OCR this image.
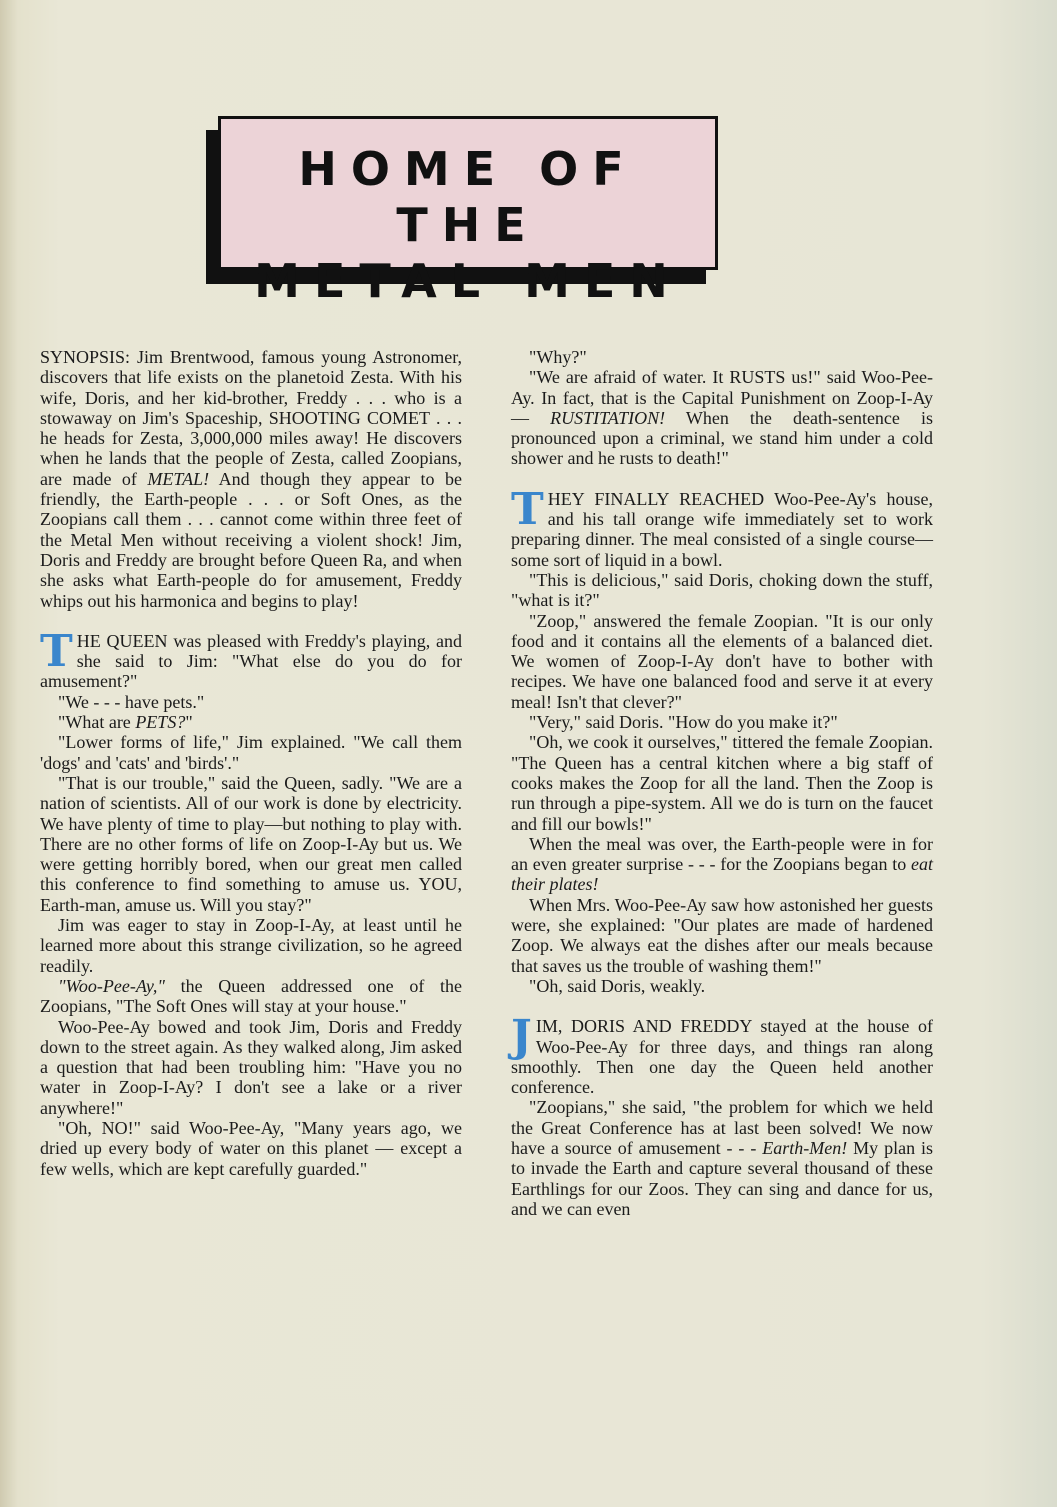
HOME OF THE
METAL MEN

SYNOPSIS: Jim Brentwood, famous young Astronomer, discovers that life exists on the planetoid Zesta. With his wife, Doris, and her kid-brother, Freddy . . . who is a stowaway on Jim's Spaceship, SHOOTING COMET . . . he heads for Zesta, 3,000,000 miles away! He discovers when he lands that the people of Zesta, called Zoopians, are made of METAL! And though they appear to be friendly, the Earth-people . . . or Soft Ones, as the Zoopians call them . . . cannot come within three feet of the Metal Men without receiving a violent shock! Jim, Doris and Freddy are brought before Queen Ra, and when she asks what Earth-people do for amusement, Freddy whips out his harmonica and begins to play!

THE QUEEN was pleased with Freddy's playing, and she said to Jim: "What else do you do for amusement?"

"We - - - have pets."

"What are PETS?"

"Lower forms of life," Jim explained. "We call them 'dogs' and 'cats' and 'birds'."

"That is our trouble," said the Queen, sadly. "We are a nation of scientists. All of our work is done by electricity. We have plenty of time to play—but nothing to play with. There are no other forms of life on Zoop-I-Ay but us. We were getting horribly bored, when our great men called this conference to find something to amuse us. YOU, Earth-man, amuse us. Will you stay?"

Jim was eager to stay in Zoop-I-Ay, at least until he learned more about this strange civilization, so he agreed readily.

"Woo-Pee-Ay," the Queen addressed one of the Zoopians, "The Soft Ones will stay at your house."

Woo-Pee-Ay bowed and took Jim, Doris and Freddy down to the street again. As they walked along, Jim asked a question that had been troubling him: "Have you no water in Zoop-I-Ay? I don't see a lake or a river anywhere!"

"Oh, NO!" said Woo-Pee-Ay, "Many years ago, we dried up every body of water on this planet — except a few wells, which are kept carefully guarded."

"Why?"

"We are afraid of water. It RUSTS us!" said Woo-Pee-Ay. In fact, that is the Capital Punishment on Zoop-I-Ay — RUSTITATION! When the death-sentence is pronounced upon a criminal, we stand him under a cold shower and he rusts to death!"

THEY FINALLY REACHED Woo-Pee-Ay's house, and his tall orange wife immediately set to work preparing dinner. The meal consisted of a single course—some sort of liquid in a bowl.

"This is delicious," said Doris, choking down the stuff, "what is it?"

"Zoop," answered the female Zoopian. "It is our only food and it contains all the elements of a balanced diet. We women of Zoop-I-Ay don't have to bother with recipes. We have one balanced food and serve it at every meal! Isn't that clever?"

"Very," said Doris. "How do you make it?"

"Oh, we cook it ourselves," tittered the female Zoopian. "The Queen has a central kitchen where a big staff of cooks makes the Zoop for all the land. Then the Zoop is run through a pipe-system. All we do is turn on the faucet and fill our bowls!"

When the meal was over, the Earth-people were in for an even greater surprise - - - for the Zoopians began to eat their plates!

When Mrs. Woo-Pee-Ay saw how astonished her guests were, she explained: "Our plates are made of hardened Zoop. We always eat the dishes after our meals because that saves us the trouble of washing them!"

"Oh, said Doris, weakly.

JIM, DORIS AND FREDDY stayed at the house of Woo-Pee-Ay for three days, and things ran along smoothly. Then one day the Queen held another conference.

"Zoopians," she said, "the problem for which we held the Great Conference has at last been solved! We now have a source of amusement - - - Earth-Men! My plan is to invade the Earth and capture several thousand of these Earthlings for our Zoos. They can sing and dance for us, and we can even
